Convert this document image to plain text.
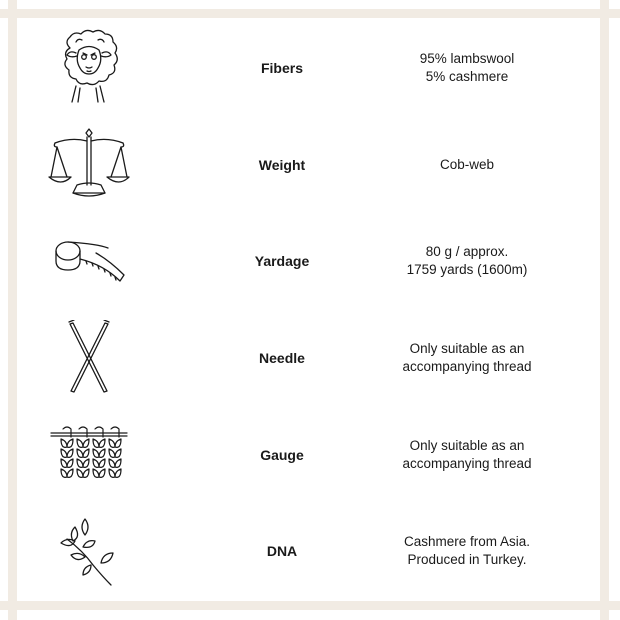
Fibers
95% lambswool
5% cashmere
Weight	Cob-web
Yardage
80 g / approx.
1759 yards (1600m)
Needle
Only suitable as an
accompanying thread
Gauge
Only suitable as an
accompanying thread
DNA
Cashmere from Asia.
Produced in Turkey.
